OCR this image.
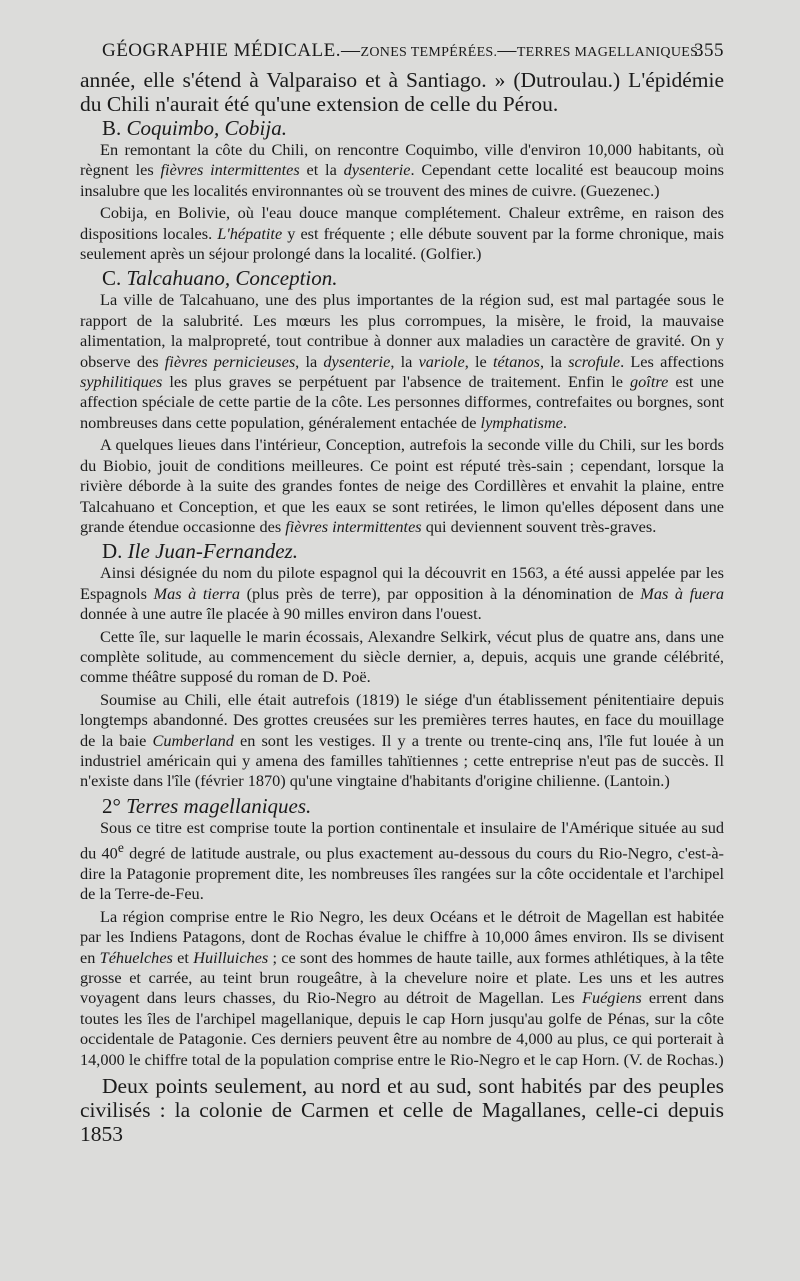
GÉOGRAPHIE MÉDICALE.—ZONES TEMPÉRÉES.—TERRES MAGELLANIQUES.
355

année, elle s'étend à Valparaiso et à Santiago. » (Dutroulau.) L'épidémie du Chili n'aurait été qu'une extension de celle du Pérou.

B. Coquimbo, Cobija.

En remontant la côte du Chili, on rencontre Coquimbo, ville d'environ 10,000 habitants, où règnent les fièvres intermittentes et la dysenterie. Cependant cette localité est beaucoup moins insalubre que les localités environnantes où se trouvent des mines de cuivre. (Guezenec.)

Cobija, en Bolivie, où l'eau douce manque complétement. Chaleur extrême, en raison des dispositions locales. L'hépatite y est fréquente ; elle débute souvent par la forme chronique, mais seulement après un séjour prolongé dans la localité. (Golfier.)

C. Talcahuano, Conception.

La ville de Talcahuano, une des plus importantes de la région sud, est mal partagée sous le rapport de la salubrité. Les mœurs les plus corrompues, la misère, le froid, la mauvaise alimentation, la malpropreté, tout contribue à donner aux maladies un caractère de gravité. On y observe des fièvres pernicieuses, la dysenterie, la variole, le tétanos, la scrofule. Les affections syphilitiques les plus graves se perpétuent par l'absence de traitement. Enfin le goître est une affection spéciale de cette partie de la côte. Les personnes difformes, contrefaites ou borgnes, sont nombreuses dans cette population, généralement entachée de lymphatisme.

A quelques lieues dans l'intérieur, Conception, autrefois la seconde ville du Chili, sur les bords du Biobio, jouit de conditions meilleures. Ce point est réputé très-sain ; cependant, lorsque la rivière déborde à la suite des grandes fontes de neige des Cordillères et envahit la plaine, entre Talcahuano et Conception, et que les eaux se sont retirées, le limon qu'elles déposent dans une grande étendue occasionne des fièvres intermittentes qui deviennent souvent très-graves.

D. Ile Juan-Fernandez.

Ainsi désignée du nom du pilote espagnol qui la découvrit en 1563, a été aussi appelée par les Espagnols Mas à tierra (plus près de terre), par opposition à la dénomination de Mas à fuera donnée à une autre île placée à 90 milles environ dans l'ouest.

Cette île, sur laquelle le marin écossais, Alexandre Selkirk, vécut plus de quatre ans, dans une complète solitude, au commencement du siècle dernier, a, depuis, acquis une grande célébrité, comme théâtre supposé du roman de D. Poë.

Soumise au Chili, elle était autrefois (1819) le siége d'un établissement pénitentiaire depuis longtemps abandonné. Des grottes creusées sur les premières terres hautes, en face du mouillage de la baie Cumberland en sont les vestiges. Il y a trente ou trente-cinq ans, l'île fut louée à un industriel américain qui y amena des familles tahïtiennes ; cette entreprise n'eut pas de succès. Il n'existe dans l'île (février 1870) qu'une vingtaine d'habitants d'origine chilienne. (Lantoin.)

2° Terres magellaniques.

Sous ce titre est comprise toute la portion continentale et insulaire de l'Amérique située au sud du 40e degré de latitude australe, ou plus exactement au-dessous du cours du Rio-Negro, c'est-à-dire la Patagonie proprement dite, les nombreuses îles rangées sur la côte occidentale et l'archipel de la Terre-de-Feu.

La région comprise entre le Rio Negro, les deux Océans et le détroit de Magellan est habitée par les Indiens Patagons, dont de Rochas évalue le chiffre à 10,000 âmes environ. Ils se divisent en Téhuelches et Huilluiches ; ce sont des hommes de haute taille, aux formes athlétiques, à la tête grosse et carrée, au teint brun rougeâtre, à la chevelure noire et plate. Les uns et les autres voyagent dans leurs chasses, du Rio-Negro au détroit de Magellan. Les Fuégiens errent dans toutes les îles de l'archipel magellanique, depuis le cap Horn jusqu'au golfe de Pénas, sur la côte occidentale de Patagonie. Ces derniers peuvent être au nombre de 4,000 au plus, ce qui porterait à 14,000 le chiffre total de la population comprise entre le Rio-Negro et le cap Horn. (V. de Rochas.)

Deux points seulement, au nord et au sud, sont habités par des peuples civilisés : la colonie de Carmen et celle de Magallanes, celle-ci depuis 1853
